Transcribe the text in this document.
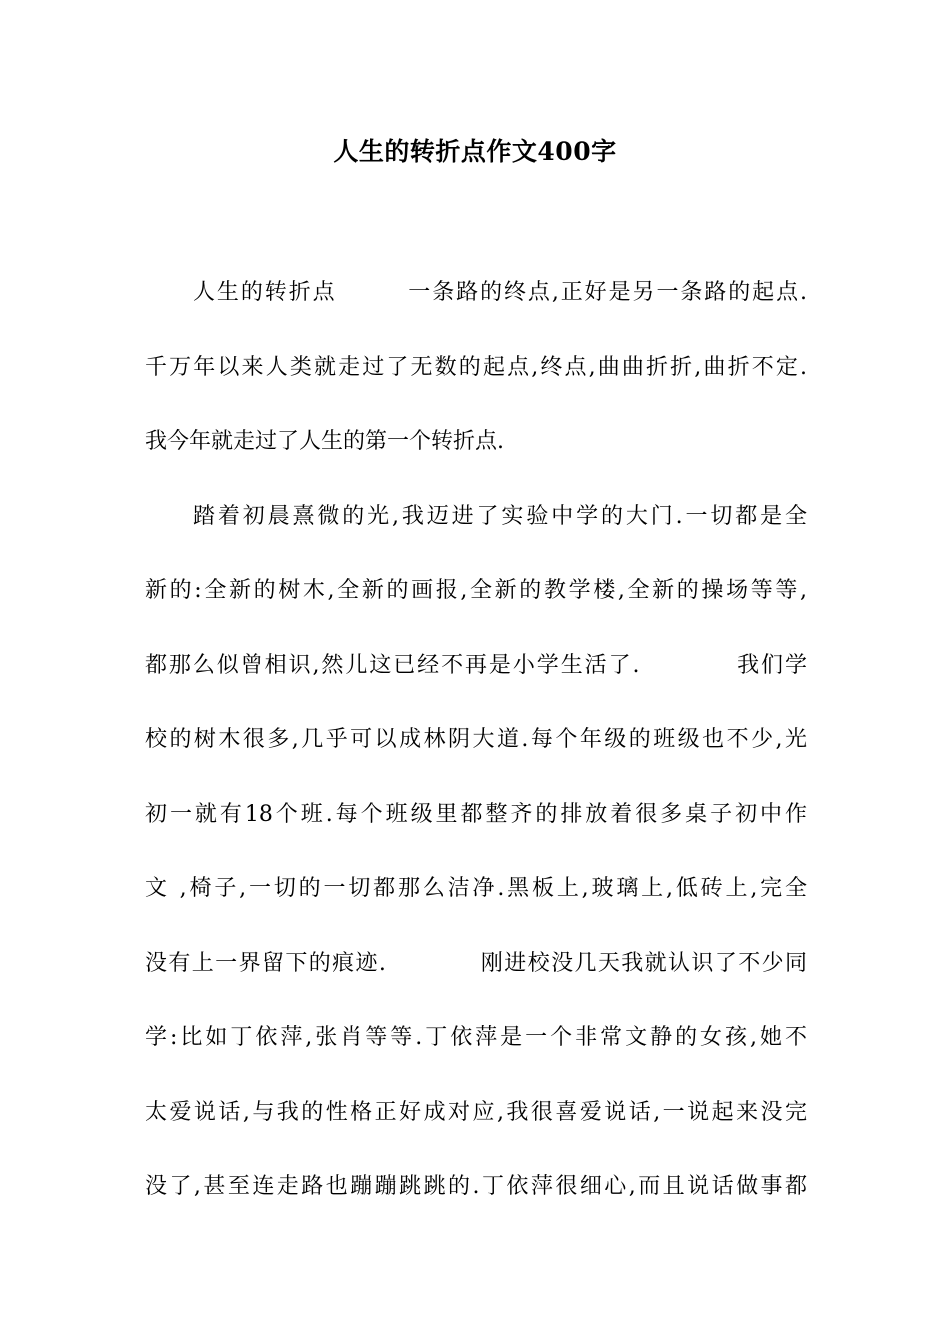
人生的转折点作文400字
人生的转折点　　　一条路的终点,正好是另一条路的起点.
千万年以来人类就走过了无数的起点,终点,曲曲折折,曲折不定.
我今年就走过了人生的第一个转折点.
踏着初晨熹微的光,我迈进了实验中学的大门.一切都是全
新的:全新的树木,全新的画报,全新的教学楼,全新的操场等等,
都那么似曾相识,然儿这已经不再是小学生活了.　　　　我们学
校的树木很多,几乎可以成林阴大道.每个年级的班级也不少,光
初一就有18个班.每个班级里都整齐的排放着很多桌子初中作
文 ,椅子,一切的一切都那么洁净.黑板上,玻璃上,低砖上,完全
没有上一界留下的痕迹.　　　　刚进校没几天我就认识了不少同
学:比如丁依萍,张肖等等.丁依萍是一个非常文静的女孩,她不
太爱说话,与我的性格正好成对应,我很喜爱说话,一说起来没完
没了,甚至连走路也蹦蹦跳跳的.丁依萍很细心,而且说话做事都
